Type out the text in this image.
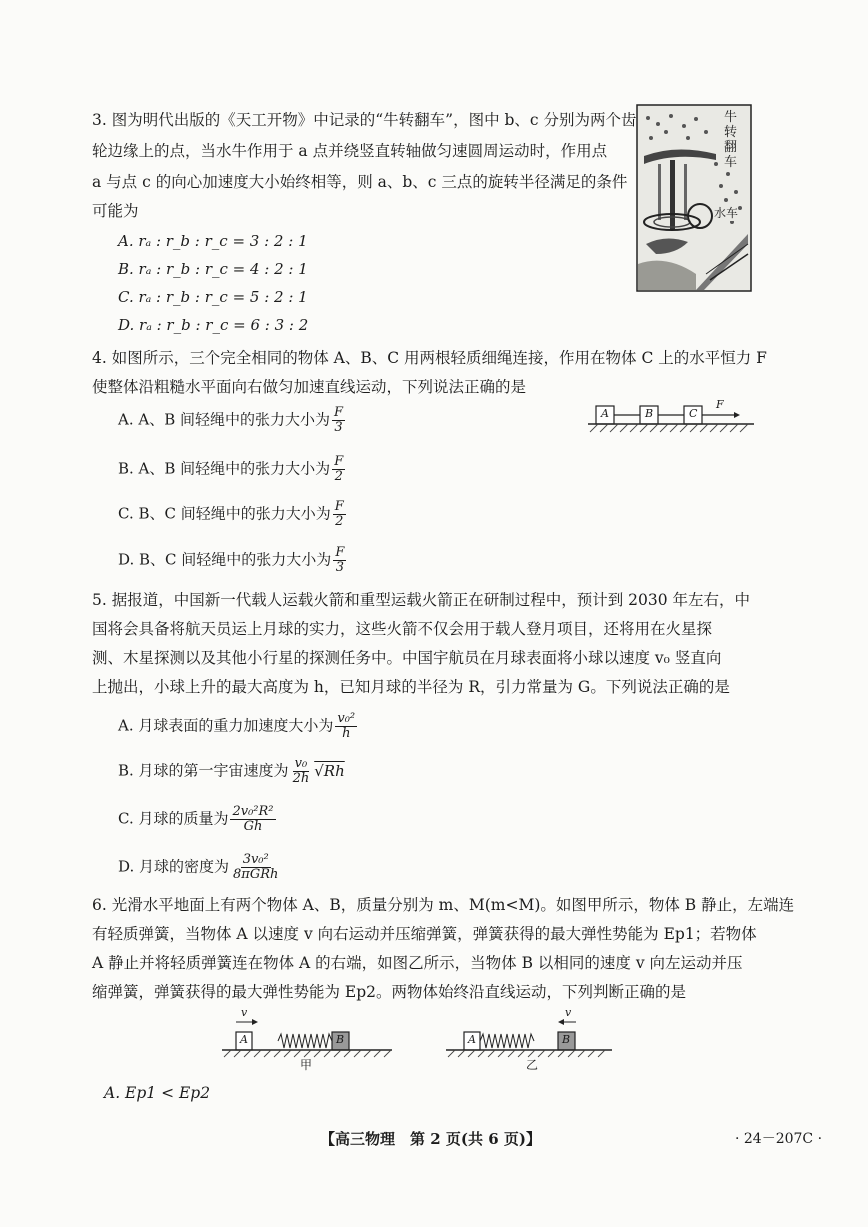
3. 图为明代出版的《天工开物》中记录的“牛转翻车”，图中 b、c 分别为两个齿
轮边缘上的点，当水牛作用于 a 点并绕竖直转轴做匀速圆周运动时，作用点
a 与点 c 的向心加速度大小始终相等，则 a、b、c 三点的旋转半径满足的条件
可能为
A. rₐ : r_b : r_c = 3 : 2 : 1
B. rₐ : r_b : r_c = 4 : 2 : 1
C. rₐ : r_b : r_c = 5 : 2 : 1
D. rₐ : r_b : r_c = 6 : 3 : 2
牛转翻车
水车
4. 如图所示，三个完全相同的物体 A、B、C 用两根轻质细绳连接，作用在物体 C 上的水平恒力 F
使整体沿粗糙水平面向右做匀加速直线运动，下列说法正确的是
A. A、B 间轻绳中的张力大小为 $\frac{F}{3}$
B. A、B 间轻绳中的张力大小为 $\frac{F}{2}$
C. B、C 间轻绳中的张力大小为 $\frac{F}{2}$
D. B、C 间轻绳中的张力大小为 $\frac{F}{3}$
A	B	C
F
5. 据报道，中国新一代载人运载火箭和重型运载火箭正在研制过程中，预计到 2030 年左右，中
国将会具备将航天员运上月球的实力，这些火箭不仅会用于载人登月项目，还将用在火星探
测、木星探测以及其他小行星的探测任务中。中国宇航员在月球表面将小球以速度 v₀ 竖直向
上抛出，小球上升的最大高度为 h，已知月球的半径为 R，引力常量为 G。下列说法正确的是
A. 月球表面的重力加速度大小为 $\frac{\text{v₀²}}{h}$
B. 月球的第一宇宙速度为 $\frac{\text{v₀}}{2h} √Rh$
C. 月球的质量为 $\frac{\text{2v₀²R²}}{Gh}$
D. 月球的密度为 $\frac{\text{3v₀²}}{\text{8πGRh}}$
6. 光滑水平地面上有两个物体 A、B，质量分别为 m、M(m<M)。如图甲所示，物体 B 静止，左端连
有轻质弹簧，当物体 A 以速度 v 向右运动并压缩弹簧，弹簧获得的最大弹性势能为 Ep1；若物体
A 静止并将轻质弹簧连在物体 A 的右端，如图乙所示，当物体 B 以相同的速度 v 向左运动并压
缩弹簧，弹簧获得的最大弹性势能为 Ep2。两物体始终沿直线运动，下列判断正确的是
v
A	B
甲
v
A	B
乙
A. Ep1 < Ep2
【高三物理　第 2 页(共 6 页)】	· 24－207C ·
